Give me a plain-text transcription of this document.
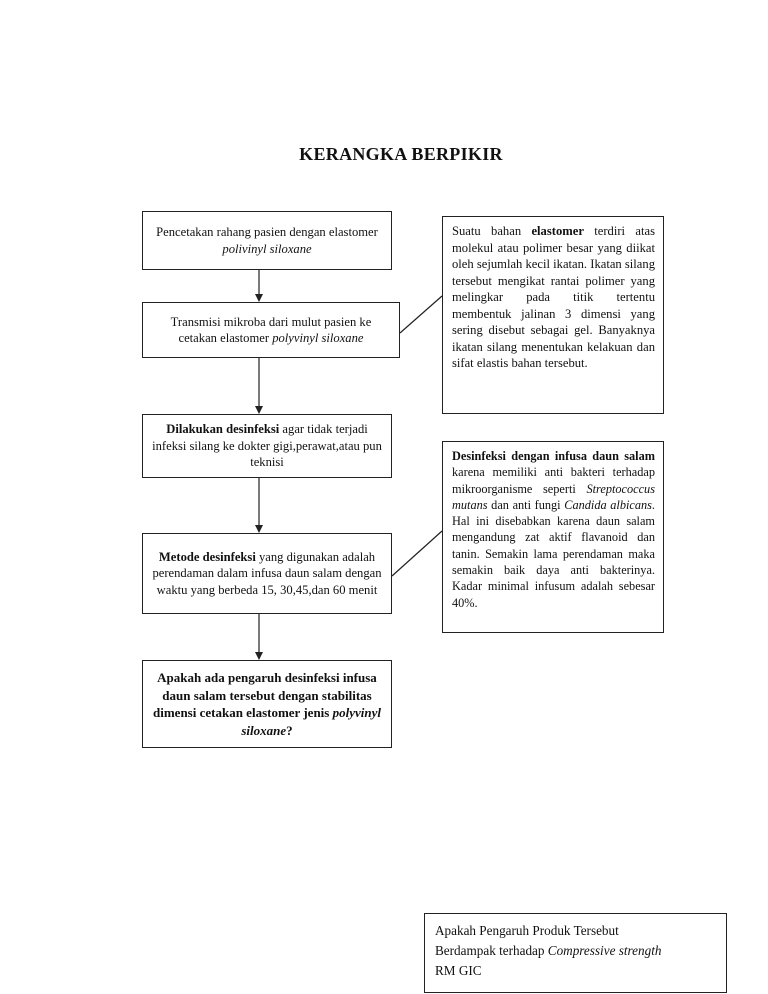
KERANGKA BERPIKIR
Pencetakan rahang pasien dengan elastomer polivinyl siloxane
Transmisi mikroba dari mulut pasien ke cetakan elastomer polyvinyl siloxane
Dilakukan desinfeksi agar tidak terjadi infeksi silang ke dokter gigi,perawat,atau pun teknisi
Metode desinfeksi yang digunakan adalah perendaman dalam infusa daun salam dengan waktu yang berbeda 15, 30,45,dan 60 menit
Apakah ada pengaruh desinfeksi infusa daun salam tersebut dengan stabilitas dimensi cetakan elastomer jenis polyvinyl siloxane?
Suatu bahan elastomer terdiri atas molekul atau polimer besar yang diikat oleh sejumlah kecil ikatan. Ikatan silang tersebut mengikat rantai polimer yang melingkar pada titik tertentu membentuk jalinan 3 dimensi yang sering disebut sebagai gel. Banyaknya ikatan silang menentukan kelakuan dan sifat elastis bahan tersebut.
Desinfeksi dengan infusa daun salam karena memiliki anti bakteri terhadap mikroorganisme seperti Streptococcus mutans dan anti fungi Candida albicans. Hal ini disebabkan karena daun salam mengandung zat aktif flavanoid dan tanin. Semakin lama perendaman maka semakin baik daya anti bakterinya. Kadar minimal infusum adalah sebesar 40%.
Apakah Pengaruh Produk Tersebut
Berdampak terhadap Compressive strength
RM GIC
